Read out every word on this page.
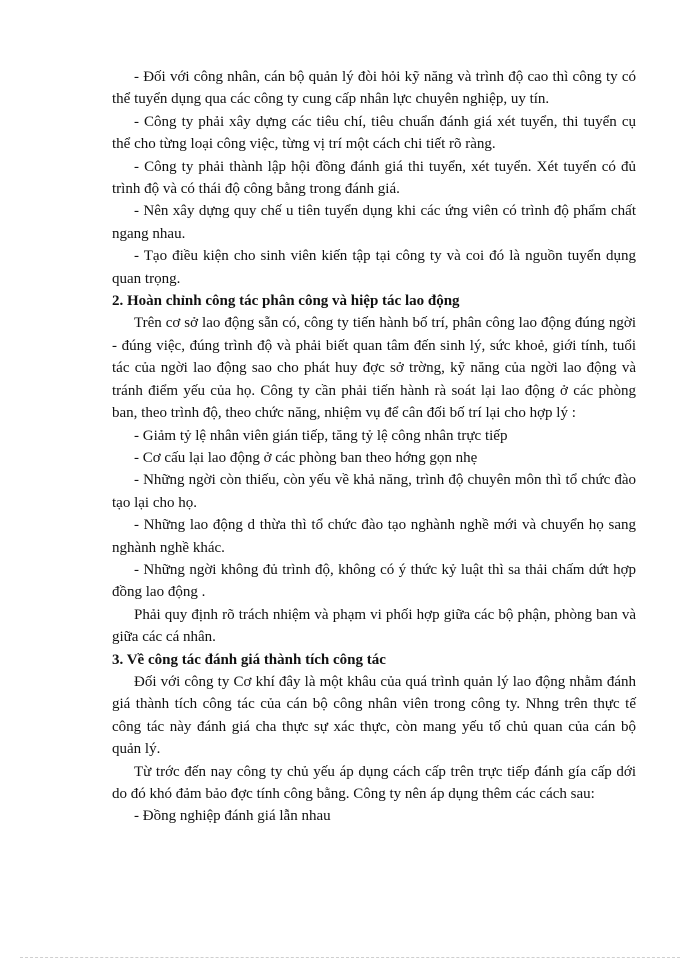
- Đối với công nhân, cán bộ quản lý đòi hỏi kỹ năng và trình độ cao thì công ty có thể tuyển dụng qua các công ty cung cấp nhân lực chuyên nghiệp, uy tín.

- Công ty phải xây dựng các tiêu chí, tiêu chuẩn đánh giá xét tuyển, thi tuyển cụ thể cho từng loại công việc, từng vị trí một cách chi tiết rõ ràng.

- Công ty phải thành lập hội đồng đánh giá thi tuyển, xét tuyển. Xét tuyển có đủ trình độ và có thái độ công bằng trong đánh giá.

- Nên xây dựng quy chế u tiên tuyển dụng khi các ứng viên có trình độ phẩm chất ngang nhau.

- Tạo điều kiện cho sinh viên kiến tập tại công ty và coi đó là nguồn tuyển dụng quan trọng.

2. Hoàn chỉnh công tác phân công và hiệp tác lao động

Trên cơ sở lao động sẵn có, công ty tiến hành bố trí, phân công lao động đúng ngời - đúng việc, đúng trình độ và phải biết quan tâm đến sinh lý, sức khoẻ, giới tính, tuổi tác của ngời lao động sao cho phát huy đợc sở trờng, kỹ năng của ngời lao động và tránh điểm yếu của họ. Công ty cần phải tiến hành rà soát lại lao động ở các phòng ban, theo trình độ, theo chức năng, nhiệm vụ để cân đối bố trí lại cho hợp lý :

- Giảm tỷ lệ nhân viên gián tiếp, tăng tỷ lệ công nhân trực tiếp

- Cơ cấu lại lao động ở các phòng ban theo hớng gọn nhẹ

- Những ngời còn thiếu, còn yếu về khả năng, trình độ chuyên môn thì tổ chức đào tạo lại cho họ.

- Những lao động d thừa thì tổ chức đào tạo nghành nghề mới và chuyển họ sang nghành nghề khác.

- Những ngời không đủ trình độ, không có ý thức kỷ luật thì sa thải chấm dứt hợp đồng lao động .

Phải quy định rõ trách nhiệm và phạm vi phối hợp giữa các bộ phận, phòng ban và giữa các cá nhân.

3. Về công tác đánh giá thành tích công tác

Đối với công ty Cơ khí đây là một khâu của quá trình quản lý lao động nhằm đánh giá thành tích công tác của cán bộ công nhân viên trong công ty. Nhng trên thực tế công tác này đánh giá cha thực sự xác thực, còn mang yếu tố chủ quan của cán bộ quản lý.

Từ trớc đến nay công ty chủ yếu áp dụng cách cấp trên trực tiếp đánh gía cấp dới do đó khó đảm bảo đợc tính công bằng. Công ty nên áp dụng thêm các cách sau:

- Đồng nghiệp đánh giá lẫn nhau
